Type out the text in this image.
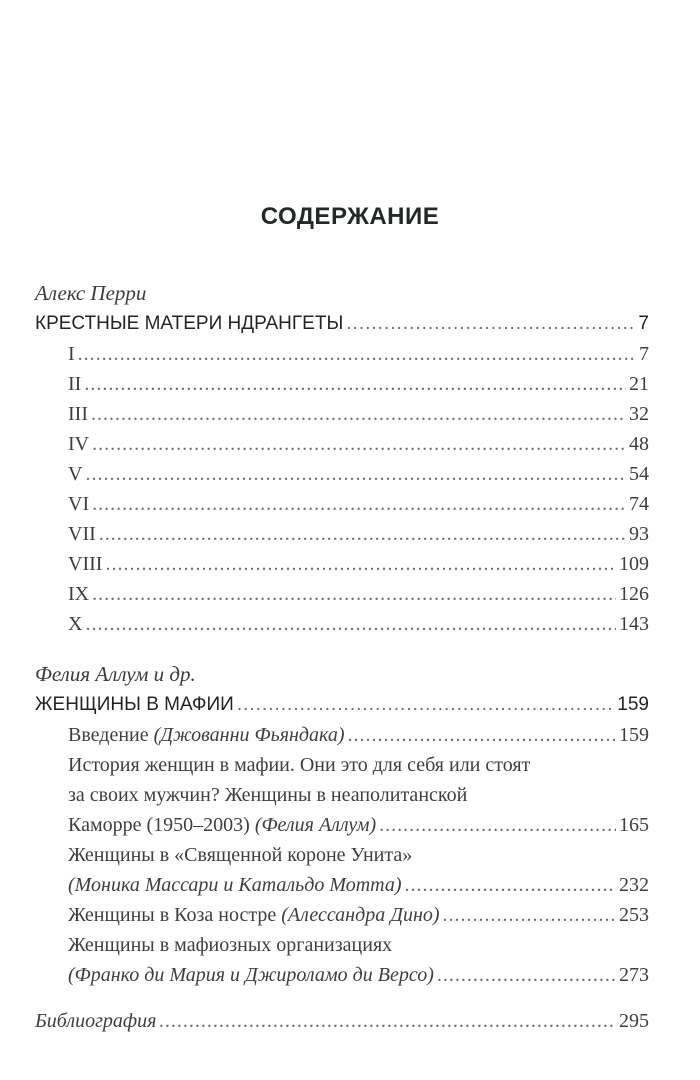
СОДЕРЖАНИЕ
Алекс Перри
КРЕСТНЫЕ МАТЕРИ НДРАНГЕТЫ .....	7
I .....	7
II .....	21
III .....	32
IV .....	48
V .....	54
VI .....	74
VII .....	93
VIII .....	109
IX .....	126
X .....	143
Фелия Аллум и др.
ЖЕНЩИНЫ В МАФИИ .....	159
Введение (Джованни Фьяндака) .....	159
История женщин в мафии. Они это для себя или стоят
за своих мужчин? Женщины в неаполитанской
Каморре (1950–2003) (Фелия Аллум) .....	165
Женщины в «Священной короне Унита»
(Моника Массари и Катальдо Мотта) .....	232
Женщины в Коза ностре (Алессандра Дино) .....	253
Женщины в мафиозных организациях
(Франко ди Мария и Джироламо ди Версо) .....	273
Библиография .....	295
